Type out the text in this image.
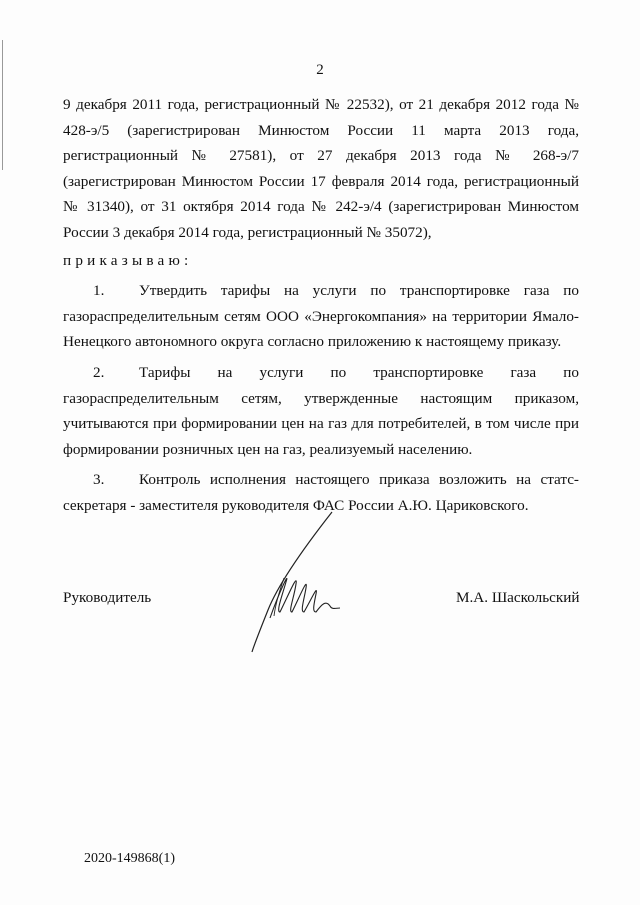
2

9 декабря 2011 года, регистрационный № 22532), от 21 декабря 2012 года № 428-э/5 (зарегистрирован Минюстом России 11 марта 2013 года, регистрационный № 27581), от 27 декабря 2013 года № 268-э/7 (зарегистрирован Минюстом России 17 февраля 2014 года, регистрационный № 31340), от 31 октября 2014 года № 242-э/4 (зарегистрирован Минюстом России 3 декабря 2014 года, регистрационный № 35072),

приказываю:

1. Утвердить тарифы на услуги по транспортировке газа по газораспределительным сетям ООО «Энергокомпания» на территории Ямало-Ненецкого автономного округа согласно приложению к настоящему приказу.

2. Тарифы на услуги по транспортировке газа по газораспределительным сетям, утвержденные настоящим приказом, учитываются при формировании цен на газ для потребителей, в том числе при формировании розничных цен на газ, реализуемый населению.

3. Контроль исполнения настоящего приказа возложить на статс-секретаря - заместителя руководителя ФАС России А.Ю. Цариковского.

Руководитель	М.А. Шаскольский
2020-149868(1)
